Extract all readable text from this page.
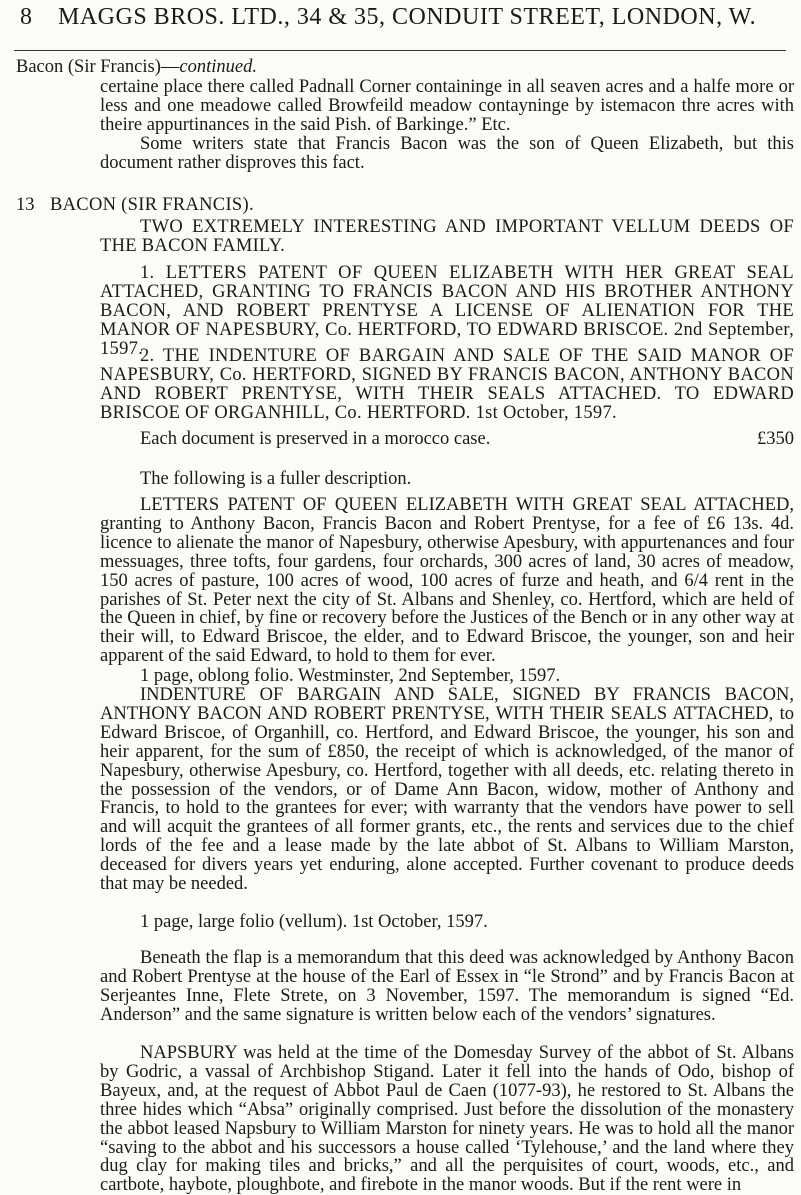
8 MAGGS BROS. LTD., 34 & 35, CONDUIT STREET, LONDON, W.
Bacon (Sir Francis)—continued.

certaine place there called Padnall Corner containinge in all seaven acres and a halfe more or less and one meadowe called Browfeild meadow contayninge by istemacon thre acres with theire appurtinances in the said Pish. of Barkinge.” Etc.

Some writers state that Francis Bacon was the son of Queen Elizabeth, but this document rather disproves this fact.

13 BACON (SIR FRANCIS).

TWO EXTREMELY INTERESTING AND IMPORTANT VELLUM DEEDS OF THE BACON FAMILY.

1. LETTERS PATENT OF QUEEN ELIZABETH WITH HER GREAT SEAL ATTACHED, GRANTING TO FRANCIS BACON AND HIS BROTHER ANTHONY BACON, AND ROBERT PRENTYSE A LICENSE OF ALIENATION FOR THE MANOR OF NAPESBURY, Co. HERTFORD, TO EDWARD BRISCOE. 2nd September, 1597.

2. THE INDENTURE OF BARGAIN AND SALE OF THE SAID MANOR OF NAPESBURY, Co. HERTFORD, SIGNED BY FRANCIS BACON, ANTHONY BACON AND ROBERT PRENTYSE, WITH THEIR SEALS ATTACHED. TO EDWARD BRISCOE OF ORGANHILL, Co. HERTFORD. 1st October, 1597.

Each document is preserved in a morocco case.	£350

The following is a fuller description.

LETTERS PATENT OF QUEEN ELIZABETH WITH GREAT SEAL ATTACHED, granting to Anthony Bacon, Francis Bacon and Robert Prentyse, for a fee of £6 13s. 4d. licence to alienate the manor of Napesbury, otherwise Apesbury, with appurtenances and four messuages, three tofts, four gardens, four orchards, 300 acres of land, 30 acres of meadow, 150 acres of pasture, 100 acres of wood, 100 acres of furze and heath, and 6/4 rent in the parishes of St. Peter next the city of St. Albans and Shenley, co. Hertford, which are held of the Queen in chief, by fine or recovery before the Justices of the Bench or in any other way at their will, to Edward Briscoe, the elder, and to Edward Briscoe, the younger, son and heir apparent of the said Edward, to hold to them for ever.

1 page, oblong folio. Westminster, 2nd September, 1597.

INDENTURE OF BARGAIN AND SALE, SIGNED BY FRANCIS BACON, ANTHONY BACON AND ROBERT PRENTYSE, WITH THEIR SEALS ATTACHED, to Edward Briscoe, of Organhill, co. Hertford, and Edward Briscoe, the younger, his son and heir apparent, for the sum of £850, the receipt of which is acknowledged, of the manor of Napesbury, otherwise Apesbury, co. Hertford, together with all deeds, etc. relating thereto in the possession of the vendors, or of Dame Ann Bacon, widow, mother of Anthony and Francis, to hold to the grantees for ever; with warranty that the vendors have power to sell and will acquit the grantees of all former grants, etc., the rents and services due to the chief lords of the fee and a lease made by the late abbot of St. Albans to William Marston, deceased for divers years yet enduring, alone accepted. Further covenant to produce deeds that may be needed.

1 page, large folio (vellum). 1st October, 1597.

Beneath the flap is a memorandum that this deed was acknowledged by Anthony Bacon and Robert Prentyse at the house of the Earl of Essex in “le Strond” and by Francis Bacon at Serjeantes Inne, Flete Strete, on 3 November, 1597. The memorandum is signed “Ed. Anderson” and the same signature is written below each of the vendors’ signatures.

NAPSBURY was held at the time of the Domesday Survey of the abbot of St. Albans by Godric, a vassal of Archbishop Stigand. Later it fell into the hands of Odo, bishop of Bayeux, and, at the request of Abbot Paul de Caen (1077-93), he restored to St. Albans the three hides which “Absa” originally comprised. Just before the dissolution of the monastery the abbot leased Napsbury to William Marston for ninety years. He was to hold all the manor “saving to the abbot and his successors a house called ‘Tylehouse,’ and the land where they dug clay for making tiles and bricks,” and all the perquisites of court, woods, etc., and cartbote, haybote, ploughbote, and firebote in the manor woods. But if the rent were in
